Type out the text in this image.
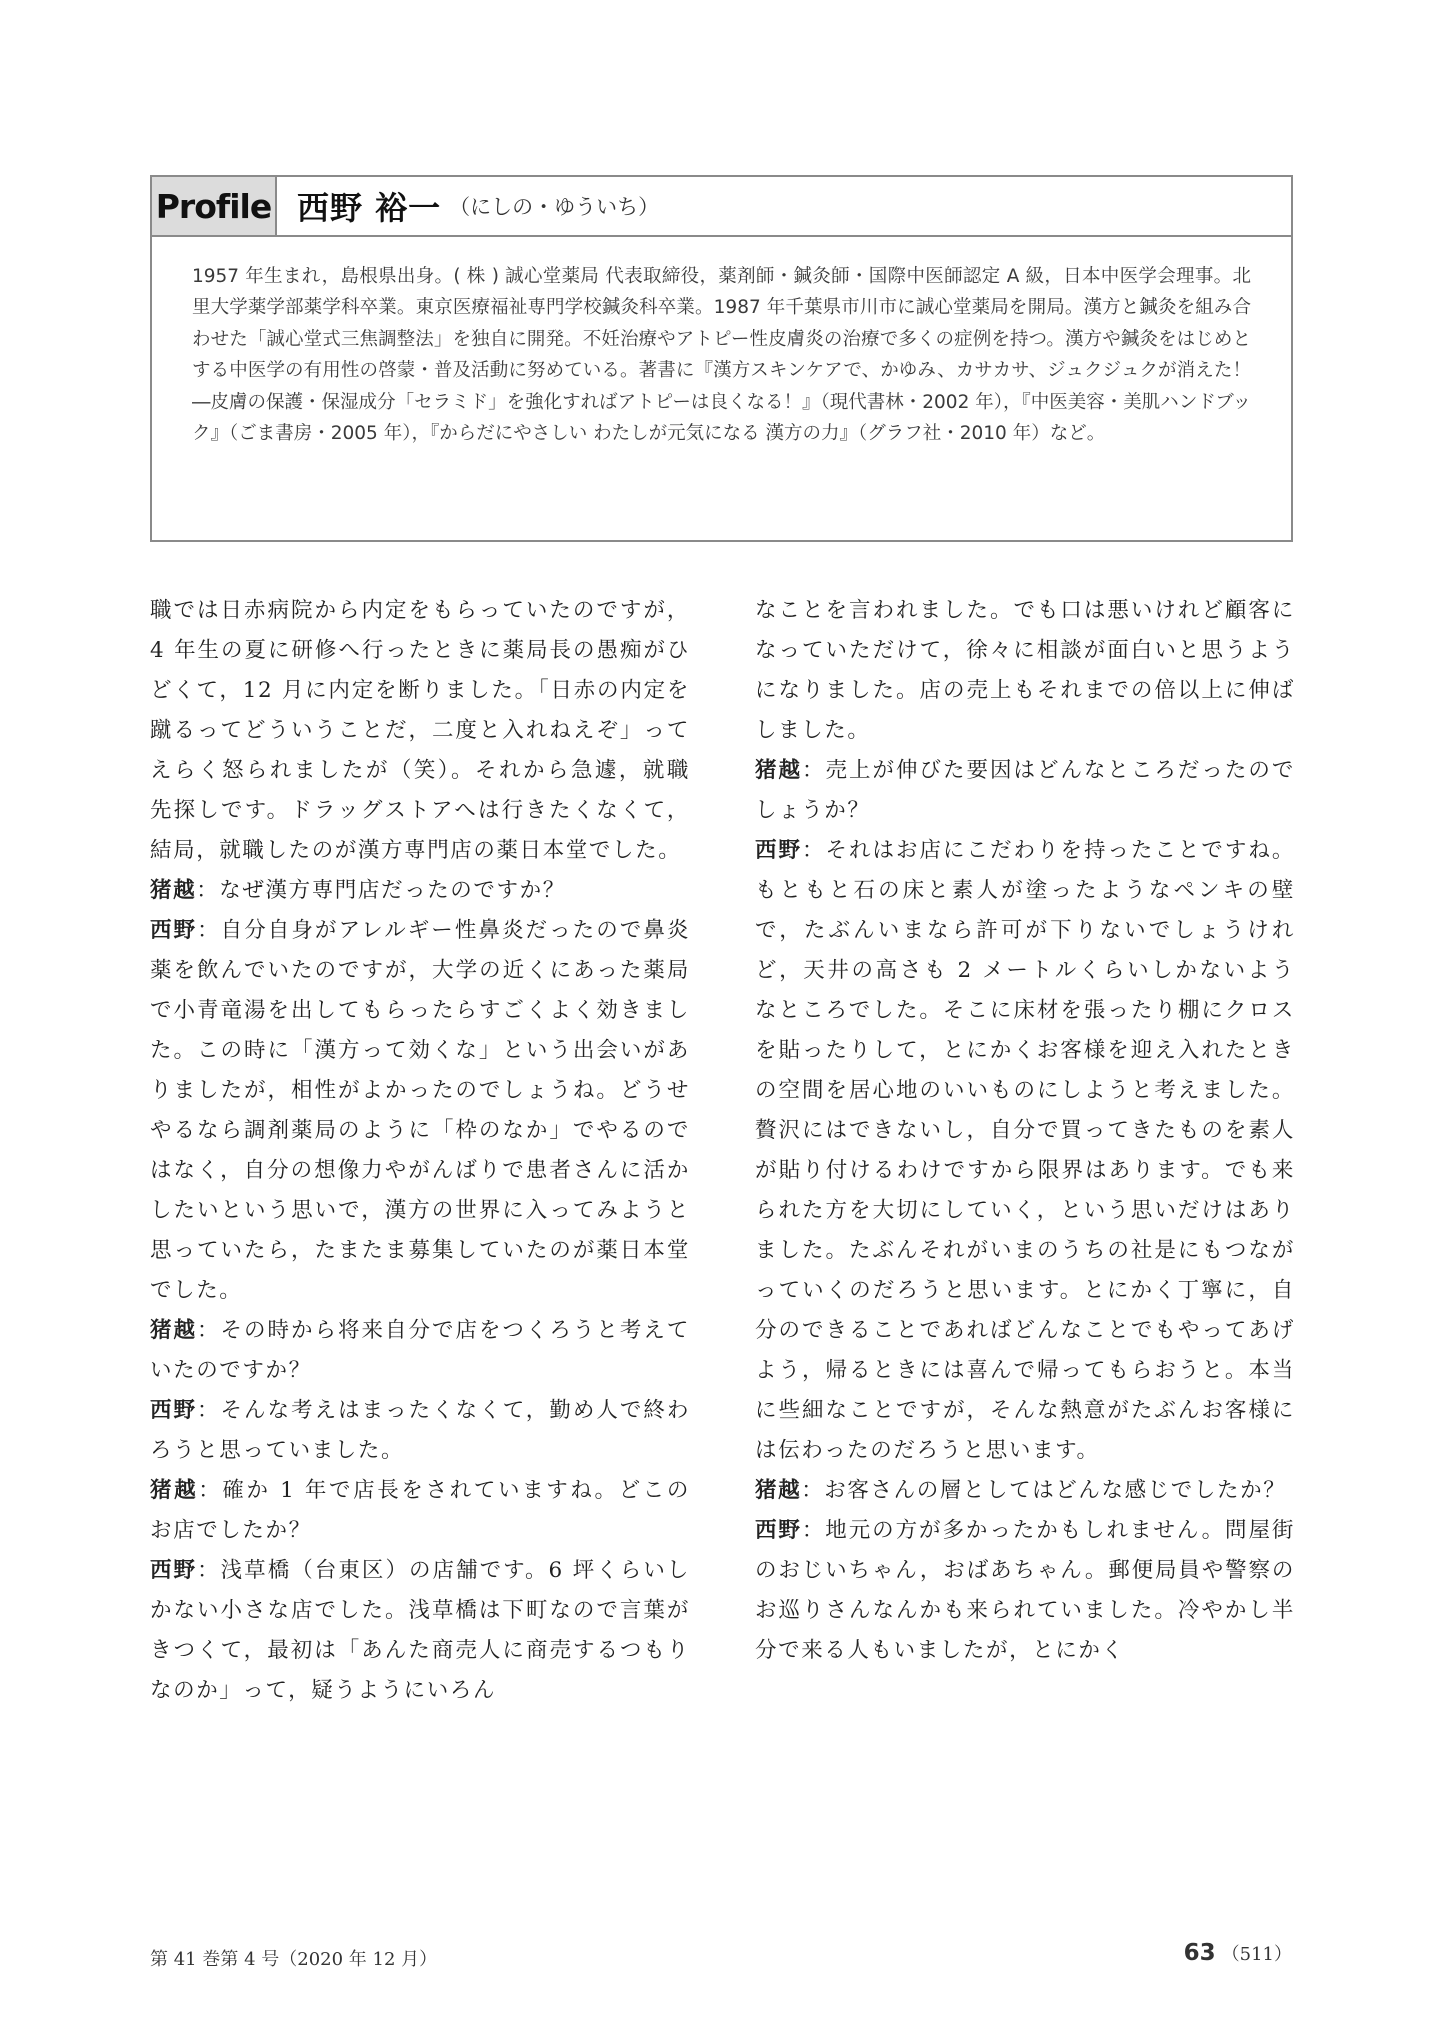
Profile 西野 裕一 （にしの・ゆういち）
1957 年生まれ，島根県出身。( 株 ) 誠心堂薬局 代表取締役，薬剤師・鍼灸師・国際中医師認定 A 級，日本中医学会理事。北里大学薬学部薬学科卒業。東京医療福祉専門学校鍼灸科卒業。1987 年千葉県市川市に誠心堂薬局を開局。漢方と鍼灸を組み合わせた「誠心堂式三焦調整法」を独自に開発。不妊治療やアトピー性皮膚炎の治療で多くの症例を持つ。漢方や鍼灸をはじめとする中医学の有用性の啓蒙・普及活動に努めている。著書に『漢方スキンケアで、かゆみ、カサカサ、ジュクジュクが消えた！ ―皮膚の保護・保湿成分「セラミド」を強化すればアトピーは良くなる！』（現代書林・2002 年），『中医美容・美肌ハンドブック』（ごま書房・2005 年），『からだにやさしい わたしが元気になる 漢方の力』（グラフ社・2010 年）など。

職では日赤病院から内定をもらっていたのですが，4 年生の夏に研修へ行ったときに薬局長の愚痴がひどくて，12 月に内定を断りました。「日赤の内定を蹴るってどういうことだ，二度と入れねえぞ」ってえらく怒られましたが（笑）。それから急遽，就職先探しです。ドラッグストアへは行きたくなくて，結局，就職したのが漢方専門店の薬日本堂でした。

猪越：なぜ漢方専門店だったのですか？

西野：自分自身がアレルギー性鼻炎だったので鼻炎薬を飲んでいたのですが，大学の近くにあった薬局で小青竜湯を出してもらったらすごくよく効きました。この時に「漢方って効くな」という出会いがありましたが，相性がよかったのでしょうね。どうせやるなら調剤薬局のように「枠のなか」でやるのではなく，自分の想像力やがんばりで患者さんに活かしたいという思いで，漢方の世界に入ってみようと思っていたら，たまたま募集していたのが薬日本堂でした。

猪越：その時から将来自分で店をつくろうと考えていたのですか？

西野：そんな考えはまったくなくて，勤め人で終わろうと思っていました。

猪越：確か 1 年で店長をされていますね。どこのお店でしたか？

西野：浅草橋（台東区）の店舗です。6 坪くらいしかない小さな店でした。浅草橋は下町なので言葉がきつくて，最初は「あんた商売人に商売するつもりなのか」って，疑うようにいろん

なことを言われました。でも口は悪いけれど顧客になっていただけて，徐々に相談が面白いと思うようになりました。店の売上もそれまでの倍以上に伸ばしました。

猪越：売上が伸びた要因はどんなところだったのでしょうか？

西野：それはお店にこだわりを持ったことですね。もともと石の床と素人が塗ったようなペンキの壁で，たぶんいまなら許可が下りないでしょうけれど，天井の高さも 2 メートルくらいしかないようなところでした。そこに床材を張ったり棚にクロスを貼ったりして，とにかくお客様を迎え入れたときの空間を居心地のいいものにしようと考えました。贅沢にはできないし，自分で買ってきたものを素人が貼り付けるわけですから限界はあります。でも来られた方を大切にしていく，という思いだけはありました。たぶんそれがいまのうちの社是にもつながっていくのだろうと思います。とにかく丁寧に，自分のできることであればどんなことでもやってあげよう，帰るときには喜んで帰ってもらおうと。本当に些細なことですが，そんな熱意がたぶんお客様には伝わったのだろうと思います。

猪越：お客さんの層としてはどんな感じでしたか？

西野：地元の方が多かったかもしれません。問屋街のおじいちゃん，おばあちゃん。郵便局員や警察のお巡りさんなんかも来られていました。冷やかし半分で来る人もいましたが，とにかく

第 41 巻第 4 号（2020 年 12 月）	63 （511）
